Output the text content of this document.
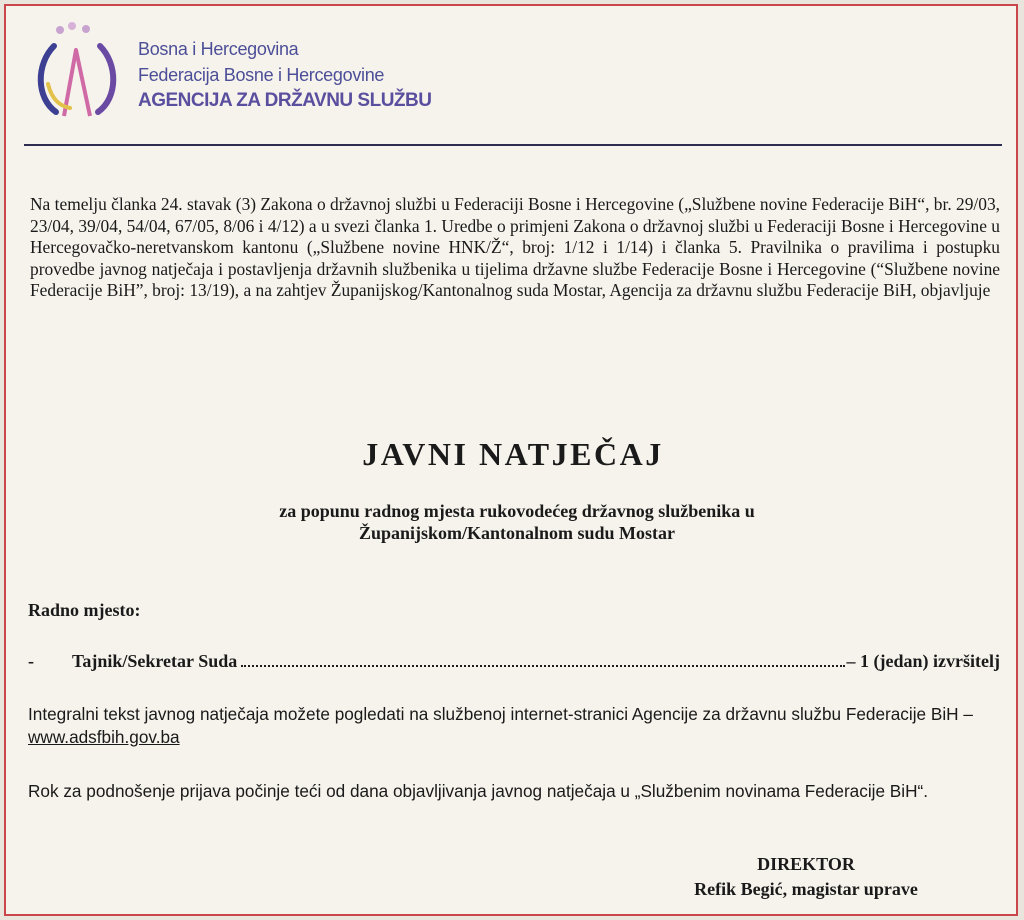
Bosna i Hercegovina
Federacija Bosne i Hercegovine
AGENCIJA ZA DRŽAVNU SLUŽBU
Na temelju članka 24. stavak (3) Zakona o državnoj službi u Federaciji Bosne i Hercegovine („Službene novine Federacije BiH“, br. 29/03, 23/04, 39/04, 54/04, 67/05, 8/06 i 4/12) a u svezi članka 1. Uredbe o primjeni Zakona o državnoj službi u Federaciji Bosne i Hercegovine u Hercegovačko-neretvanskom kantonu („Službene novine HNK/Ž“, broj: 1/12 i 1/14) i članka 5. Pravilnika o pravilima i postupku provedbe javnog natječaja i postavljenja državnih službenika u tijelima državne službe Federacije Bosne i Hercegovine (“Službene novine Federacije BiH”, broj: 13/19), a na zahtjev Županijskog/Kantonalnog suda Mostar, Agencija za državnu službu Federacije BiH, objavljuje
JAVNI NATJEČAJ
za popunu radnog mjesta rukovodećeg državnog službenika u
Županijskom/Kantonalnom sudu Mostar
Radno mjesto:
-	Tajnik/Sekretar Suda	– 1 (jedan) izvršitelj
Integralni tekst javnog natječaja možete pogledati na službenoj internet-stranici Agencije za državnu službu Federacije BiH – www.adsfbih.gov.ba
Rok za podnošenje prijava počinje teći od dana objavljivanja javnog natječaja u „Službenim novinama Federacije BiH“.
DIREKTOR
Refik Begić, magistar uprave
